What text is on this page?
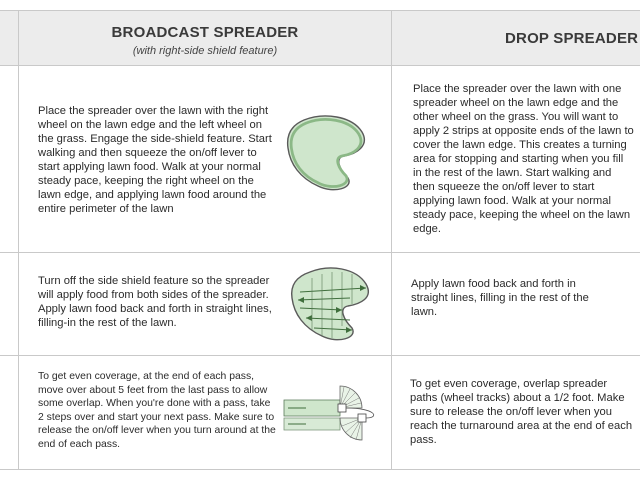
BROADCAST SPREADER
(with right-side shield feature)
DROP SPREADER
Place the spreader over the lawn with the right wheel on the lawn edge and the left wheel on the grass. Engage the side-shield feature. Start walking and then squeeze the on/off lever to start applying lawn food. Walk at your normal steady pace, keeping the right wheel on the lawn edge, and applying lawn food around the entire perimeter of the lawn
Place the spreader over the lawn with one spreader wheel on the lawn edge and the other wheel on the grass. You will want to apply 2 strips at opposite ends of the lawn to cover the lawn edge. This creates a turning area for stopping and starting when you fill in the rest of the lawn. Start walking and then squeeze the on/off lever to start applying lawn food. Walk at your normal steady pace, keeping the wheel on the lawn edge.
Turn off the side shield feature so the spreader will apply food from both sides of the spreader. Apply lawn food back and forth in straight lines, filling-in the rest of the lawn.
Apply lawn food back and forth in straight lines, filling in the rest of the lawn.
To get even coverage, at the end of each pass, move over about 5 feet from the last pass to allow some overlap. When you're done with a pass, take 2 steps over and start your next pass. Make sure to release the on/off lever when you turn around at the end of each pass.
To get even coverage, overlap spreader paths (wheel tracks) about a 1/2 foot. Make sure to release the on/off lever when you reach the turnaround area at the end of each pass.
